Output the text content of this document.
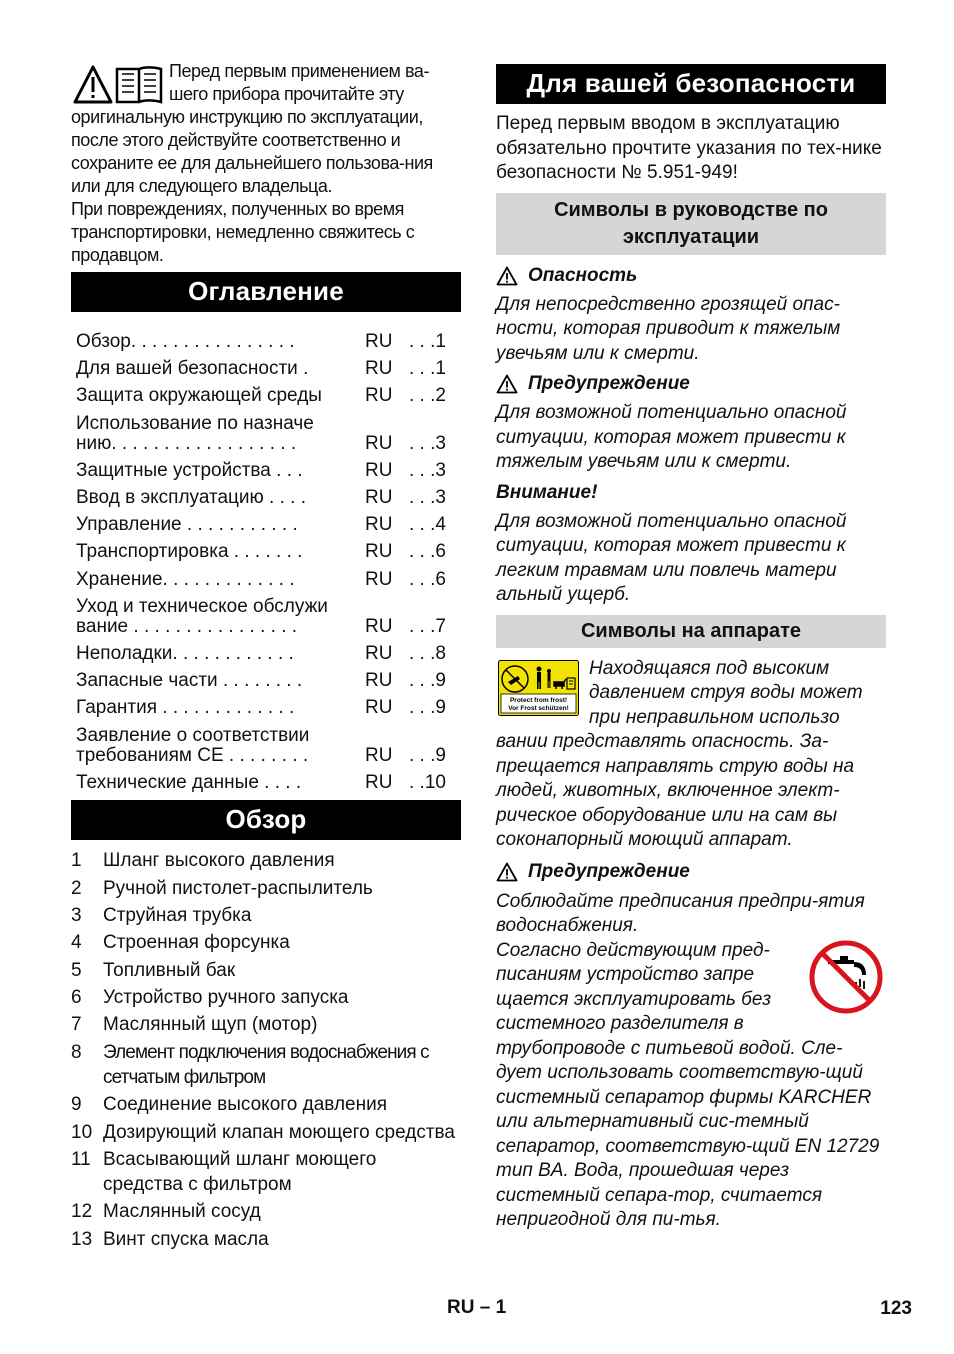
Перед первым применением ва-
шего прибора прочитайте эту
оригинальную инструкцию по эксплуатации, после этого действуйте соответственно и сохраните ее для дальнейшего пользова-ния или для следующего владельца.
При повреждениях, полученных во время транспортировки, немедленно свяжитесь с продавцом.
Оглавление
Обзор. . . . . . . . . . . . . . . .	RU . . .1
Для вашей безопасности .	RU . . .1
Защита окружающей среды RU . . .2
Использование по назначе
нию. . . . . . . . . . . . . . . . . .	RU . . .3
Защитные устройства . . .	RU . . .3
Ввод в эксплуатацию . . . .	RU . . .3
Управление . . . . . . . . . . .	RU . . .4
Транспортировка . . . . . . .	RU . . .6
Хранение. . . . . . . . . . . . .	RU . . .6
Уход и техническое обслужи
вание . . . . . . . . . . . . . . . .	RU . . .7
Неполадки. . . . . . . . . . . .	RU . . .8
Запасные части . . . . . . . .	RU . . .9
Гарантия . . . . . . . . . . . . .	RU . . .9
Заявление о соответствии
требованиям CE . . . . . . . .	RU . . .9
Технические данные . . . .	RU . .10
Обзор
1 Шланг высокого давления
2 Ручной пистолет-распылитель
3 Струйная трубка
4 Строенная форсунка
5 Топливный бак
6 Устройство ручного запуска
7 Маслянный щуп (мотор)
8 Элемент подключения водоснабжения с сетчатым фильтром
9 Соединение высокого давления
10 Дозирующий клапан моющего средства
11 Всасывающий шланг моющего средства с фильтром
12 Маслянный сосуд
13 Винт спуска масла
Для вашей безопасности
Перед первым вводом в эксплуатацию обязательно прочтите указания по тех-нике безопасности № 5.951-949!
Символы в руководстве по эксплуатации
Опасность
Для непосредственно грозящей опас-ности, которая приводит к тяжелым увечьям или к смерти.
Предупреждение
Для возможной потенциально опасной ситуации, которая может привести к тяжелым увечьям или к смерти.
Внимание!
Для возможной потенциально опасной ситуации, которая может привести к легким травмам или повлечь матери альный ущерб.
Символы на аппарате
Protect from frost!
Vor Frost schützen!
Находящаяся под высоким давлением струя воды может при неправильном использо вании представлять опасность. За-прещается направлять струю воды на людей, животных, включенное элект-рическое оборудование или на сам вы соконапорный моющий аппарат.
Предупреждение
Соблюдайте предписания предпри-ятия водоснабжения.
Согласно действующим пред-писаниям устройство запре щается эксплуатировать без системного разделителя в трубопроводе с питьевой водой. Сле-дует использовать соответствую-щий системный сепаратор фирмы KARCHER или альтернативный сис-темный сепаратор, соответствую-щий EN 12729 тип BA. Вода, прошедшая через системный сепара-тор, считается непригодной для пи-тья.
RU – 1	123
